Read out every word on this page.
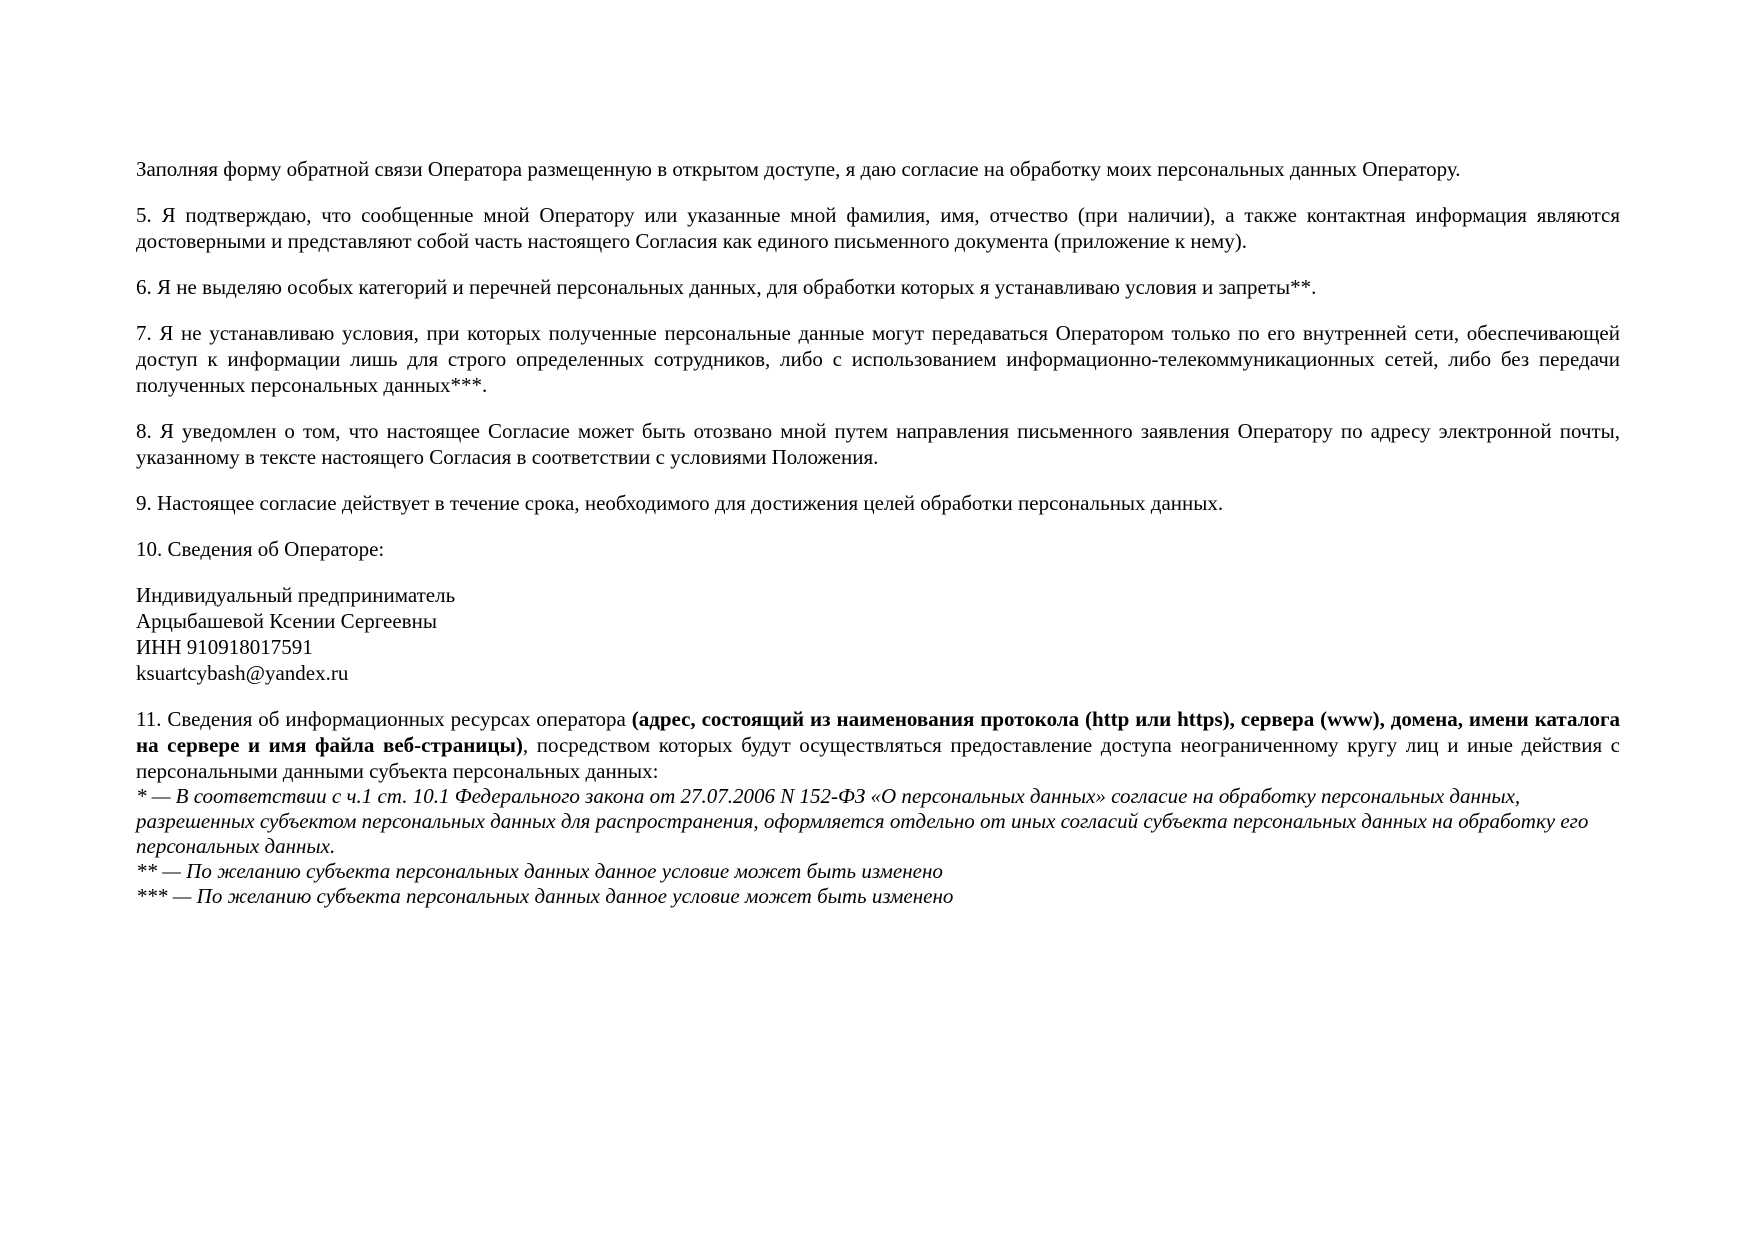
Заполняя форму обратной связи Оператора размещенную в открытом доступе, я даю согласие на обработку моих персональных данных Оператору.

5. Я подтверждаю, что сообщенные мной Оператору или указанные мной фамилия, имя, отчество (при наличии), а также контактная информация являются достоверными и представляют собой часть настоящего Согласия как единого письменного документа (приложение к нему).

6. Я не выделяю особых категорий и перечней персональных данных, для обработки которых я устанавливаю условия и запреты**.

7. Я не устанавливаю условия, при которых полученные персональные данные могут передаваться Оператором только по его внутренней сети, обеспечивающей доступ к информации лишь для строго определенных сотрудников, либо с использованием информационно-телекоммуникационных сетей, либо без передачи полученных персональных данных***.

8. Я уведомлен о том, что настоящее Согласие может быть отозвано мной путем направления письменного заявления Оператору по адресу электронной почты, указанному в тексте настоящего Согласия в соответствии с условиями Положения.

9. Настоящее согласие действует в течение срока, необходимого для достижения целей обработки персональных данных.

10. Сведения об Операторе:

Индивидуальный предприниматель

Арцыбашевой Ксении Сергеевны

ИНН 910918017591

ksuartcybash@yandex.ru

11. Сведения об информационных ресурсах оператора (адрес, состоящий из наименования протокола (http или https), сервера (www), домена, имени каталога на сервере и имя файла веб-страницы), посредством которых будут осуществляться предоставление доступа неограниченному кругу лиц и иные действия с персональными данными субъекта персональных данных:

* — В соответствии с ч.1 ст. 10.1 Федерального закона от 27.07.2006 N 152-ФЗ «О персональных данных» согласие на обработку персональных данных, разрешенных субъектом персональных данных для распространения, оформляется отдельно от иных согласий субъекта персональных данных на обработку его персональных данных.

** — По желанию субъекта персональных данных данное условие может быть изменено

*** — По желанию субъекта персональных данных данное условие может быть изменено
